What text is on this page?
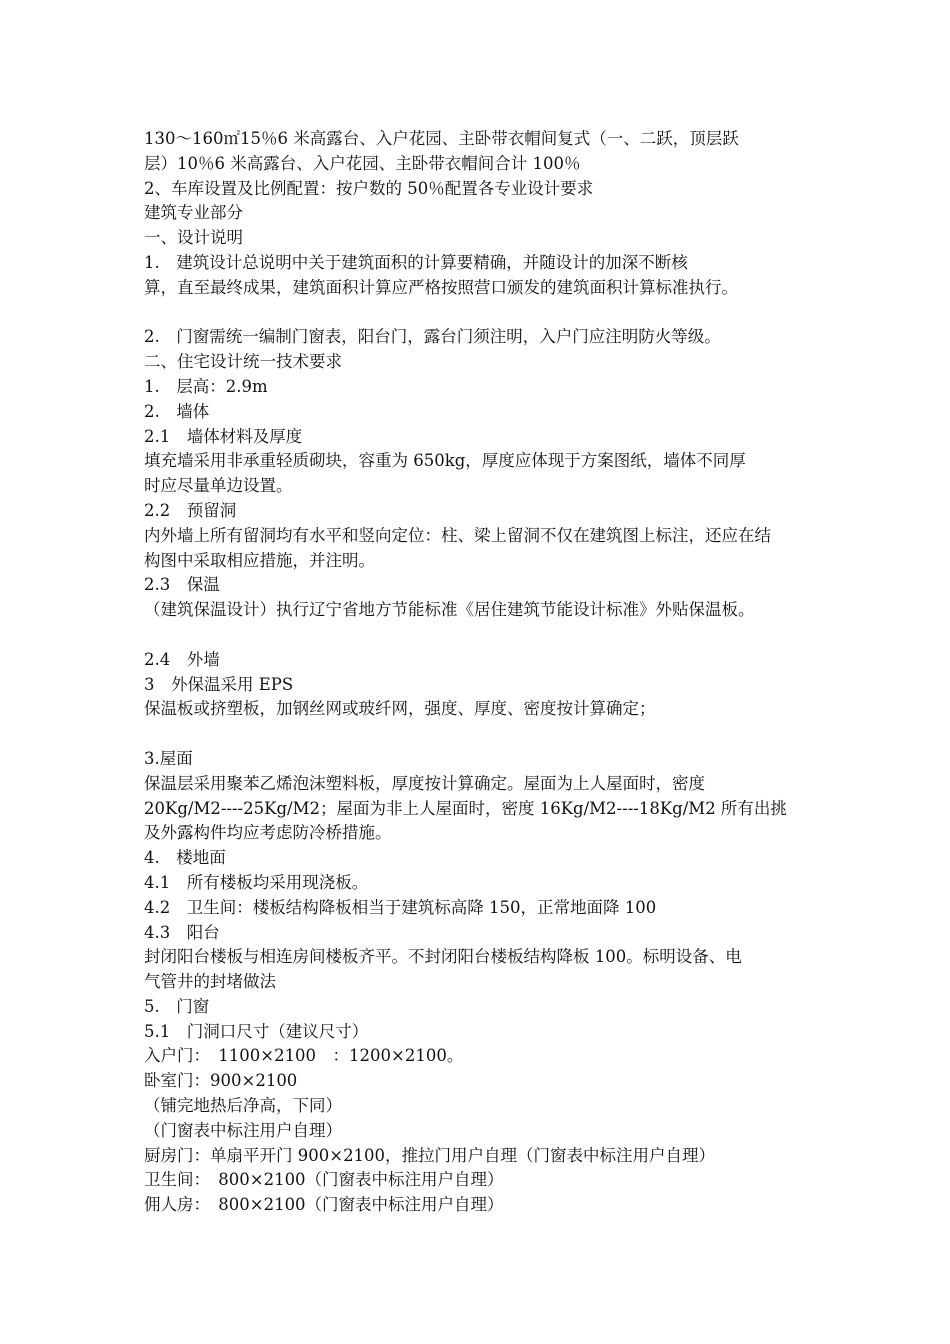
130～160㎡15％6 米高露台、入户花园、主卧带衣帽间复式（一、二跃，顶层跃

层）10％6 米高露台、入户花园、主卧带衣帽间合计 100％

2、车库设置及比例配置：按户数的 50％配置各专业设计要求

建筑专业部分

一、设计说明

1.　建筑设计总说明中关于建筑面积的计算要精确，并随设计的加深不断核

算，直至最终成果，建筑面积计算应严格按照营口颁发的建筑面积计算标准执行。

2.　门窗需统一编制门窗表，阳台门，露台门须注明，入户门应注明防火等级。

二、住宅设计统一技术要求

1.　层高：2.9m

2.　墙体

2.1　墙体材料及厚度

填充墙采用非承重轻质砌块，容重为 650kg，厚度应体现于方案图纸，墙体不同厚

时应尽量单边设置。

2.2　预留洞

内外墙上所有留洞均有水平和竖向定位：柱、梁上留洞不仅在建筑图上标注，还应在结

构图中采取相应措施，并注明。

2.3　保温

（建筑保温设计）执行辽宁省地方节能标准《居住建筑节能设计标准》外贴保温板。

2.4　外墙

3　外保温采用 EPS

保温板或挤塑板，加钢丝网或玻纤网，强度、厚度、密度按计算确定；

3.屋面

保温层采用聚苯乙烯泡沫塑料板，厚度按计算确定。屋面为上人屋面时，密度

20Kg/M2----25Kg/M2；屋面为非上人屋面时，密度 16Kg/M2----18Kg/M2 所有出挑

及外露构件均应考虑防冷桥措施。

4.　楼地面

4.1　所有楼板均采用现浇板。

4.2　卫生间：楼板结构降板相当于建筑标高降 150，正常地面降 100

4.3　阳台

封闭阳台楼板与相连房间楼板齐平。不封闭阳台楼板结构降板 100。标明设备、电

气管井的封堵做法

5.　门窗

5.1　门洞口尺寸（建议尺寸）

入户门：　1100×2100　：1200×2100。

卧室门：900×2100

（铺完地热后净高，下同）

（门窗表中标注用户自理）

厨房门：单扇平开门 900×2100，推拉门用户自理（门窗表中标注用户自理）

卫生间：　800×2100（门窗表中标注用户自理）

佣人房：　800×2100（门窗表中标注用户自理）
